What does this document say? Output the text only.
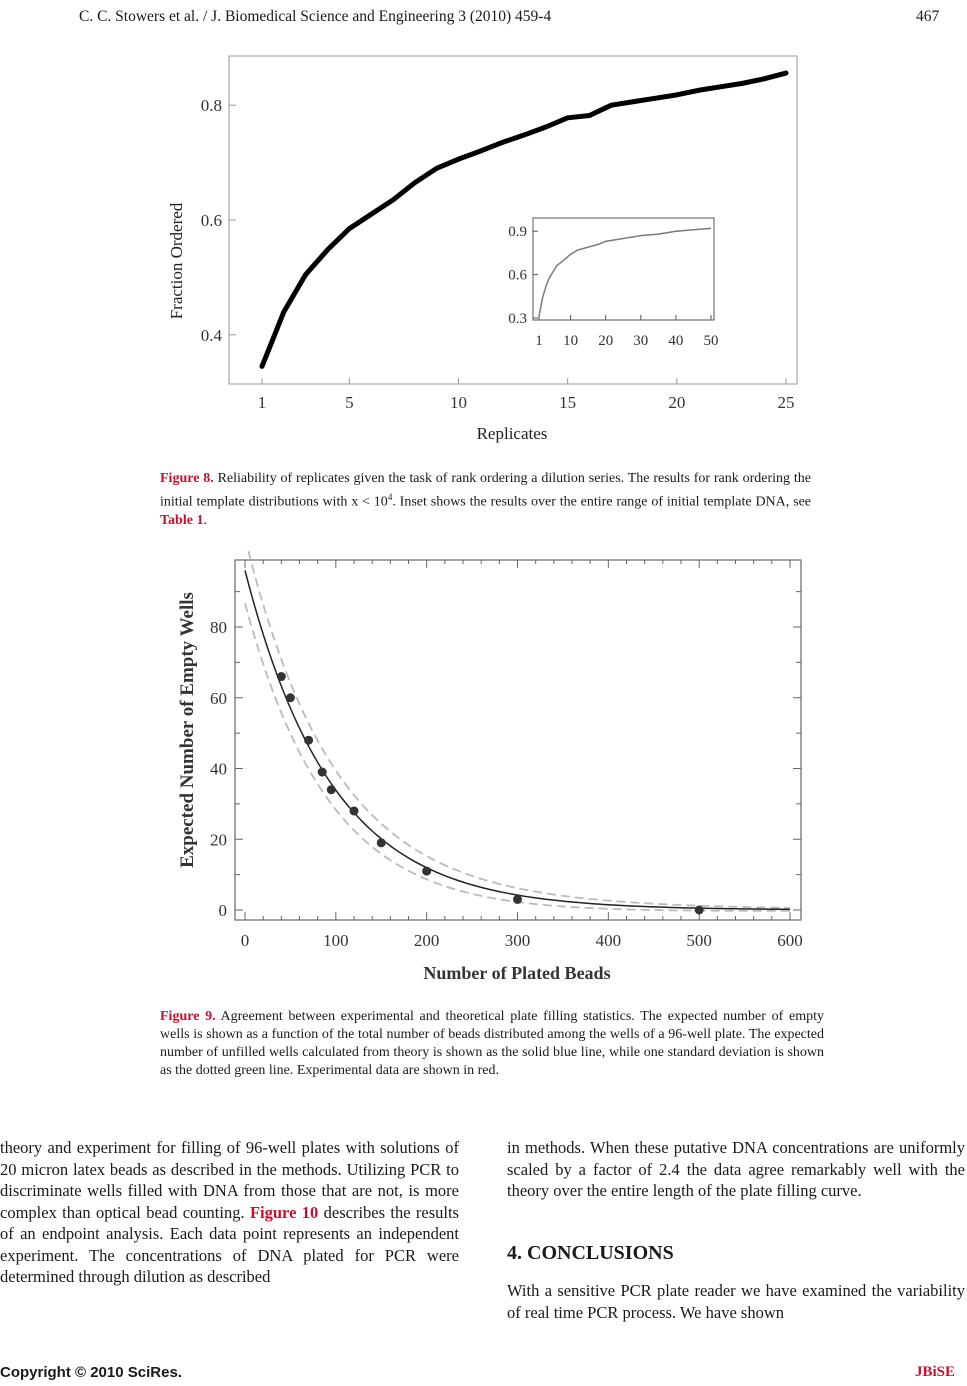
C. C. Stowers et al. / J. Biomedical Science and Engineering 3 (2010) 459-4	467
0.4
0.6
0.8
1	5	10	15	20	25
Fraction Ordered
Replicates
0.3
0.6
0.9
1 10 20 30 40 50
Figure 8. Reliability of replicates given the task of rank ordering a dilution series. The results for rank ordering the initial template distributions with $x < 10^4$. Inset shows the results over the entire range of initial template DNA, see Table 1.
0
20
40
60
80
0	100	200	300	400	500	600
Expected Number of Empty Wells
Number of Plated Beads
Figure 9. Agreement between experimental and theoretical plate filling statistics. The expected number of empty wells is shown as a function of the total number of beads distributed among the wells of a 96-well plate. The expected number of unfilled wells calculated from theory is shown as the solid blue line, while one standard deviation is shown as the dotted green line. Experimental data are shown in red.
theory and experiment for filling of 96-well plates with solutions of 20 micron latex beads as described in the methods. Utilizing PCR to discriminate wells filled with DNA from those that are not, is more complex than optical bead counting. Figure 10 describes the results of an endpoint analysis. Each data point represents an independent experiment. The concentrations of DNA plated for PCR were determined through dilution as described
in methods. When these putative DNA concentrations are uniformly scaled by a factor of 2.4 the data agree remarkably well with the theory over the entire length of the plate filling curve.
4. CONCLUSIONS
With a sensitive PCR plate reader we have examined the variability of real time PCR process. We have shown
Copyright © 2010 SciRes.	JBiSE
